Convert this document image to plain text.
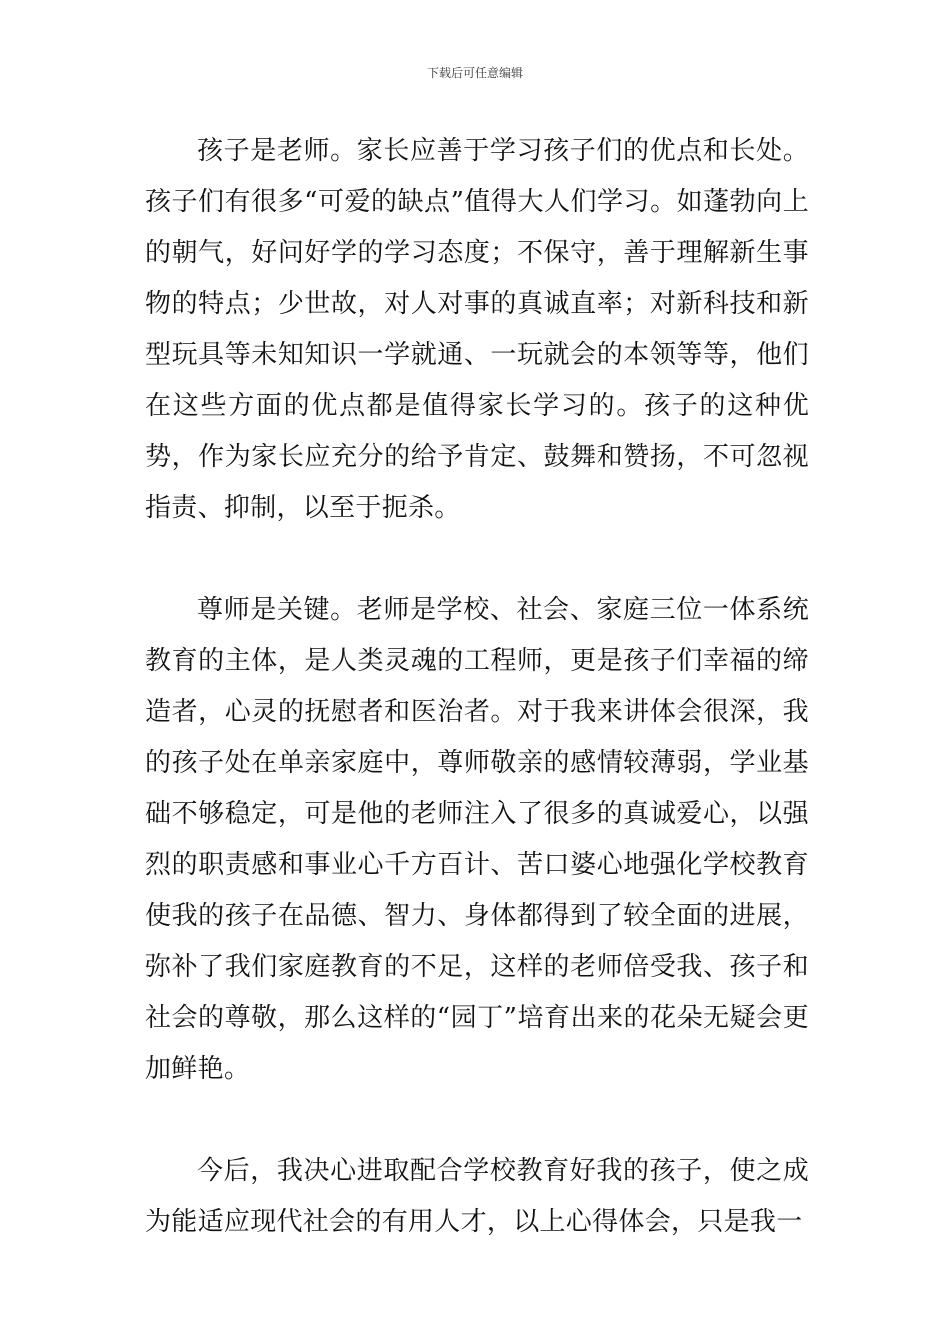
下载后可任意编辑

孩子是老师。家长应善于学习孩子们的优点和长处。孩子们有很多“可爱的缺点”值得大人们学习。如蓬勃向上的朝气，好问好学的学习态度；不保守，善于理解新生事物的特点；少世故，对人对事的真诚直率；对新科技和新型玩具等未知知识一学就通、一玩就会的本领等等，他们在这些方面的优点都是值得家长学习的。孩子的这种优势，作为家长应充分的给予肯定、鼓舞和赞扬，不可忽视指责、抑制，以至于扼杀。

尊师是关键。老师是学校、社会、家庭三位一体系统教育的主体，是人类灵魂的工程师，更是孩子们幸福的缔造者，心灵的抚慰者和医治者。对于我来讲体会很深，我的孩子处在单亲家庭中，尊师敬亲的感情较薄弱，学业基础不够稳定，可是他的老师注入了很多的真诚爱心，以强烈的职责感和事业心千方百计、苦口婆心地强化学校教育使我的孩子在品德、智力、身体都得到了较全面的进展，弥补了我们家庭教育的不足，这样的老师倍受我、孩子和社会的尊敬，那么这样的“园丁”培育出来的花朵无疑会更加鲜艳。

今后，我决心进取配合学校教育好我的孩子，使之成为能适应现代社会的有用人才，以上心得体会，只是我一
